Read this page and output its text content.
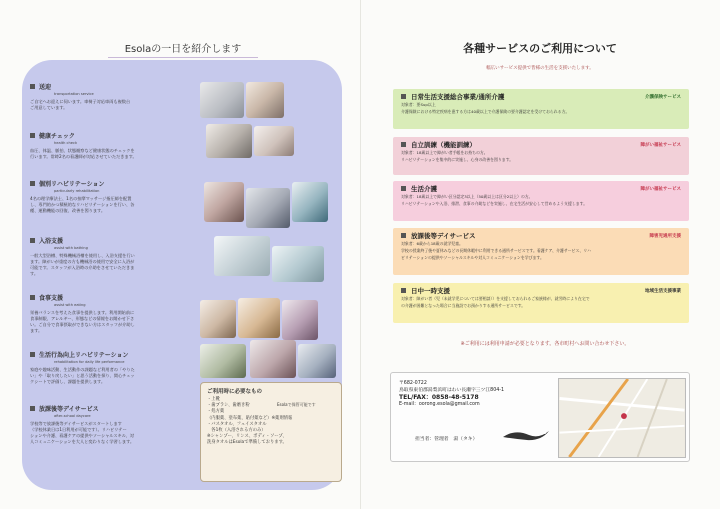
Esolaの一日を紹介します
送迎
transportation service
ご自宅へお迎えに伺います。車椅子対応車両も複数台
ご用意しています。
健康チェック
health check
血圧、体温、脈拍、状態観察など健康状態のチェックを
行います。常時2名の看護師が対応させていただきます。
個別リハビリテーション
particularly rehabilitation
4名の理学療法士、1名の按摩マッサージ指圧師を配置
し、専門的かつ積極的なリハビリテーションを行い、各
種、運動機能の回復、改善を図ります。
入浴支援
assist with bathing
一般大型浴槽、特殊機械浴槽を使用し、入浴支援を行い
ます。障がいが重度の方も機械浴の使用で安全に入浴が
可能です。スタッフが入浴時の介助をさせていただきま
す。
食事支援
assist with eating
栄養バランスを考えた食事を提供します。利用開始前に
食事制限、アレルギー、形態などの情報をお聞かせ下さ
い。ご自分で食事摂取ができない方はスタッフが介助し
ます。
生活行為向上リハビリテーション
rehabilitation for daily life performance
家庭や趣味活動、生活動作の課題など利用者の「やりた
い」や「取り戻したい」と思う活動を探り、関心チェッ
クシートで評価し、課題を提供します。
放課後等デイサービス
after-school daycare
学校等で放課後等デイサービスがスタートします
（学校休業日は1日利用が可能です）。リハビリテー
ションや介護、看護ケアの提供やソーシャルスキル、対
人コミュニケーションを大人と変わりなく学習します。
ご利用時に必要なもの
・上靴
・歯ブラシ、歯磨き粉
・処方薬
（内服薬、塗布薬、貼付薬など）※薬剤情報
・バスタオル、フェイスタオル
　各1枚（入浴される方のみ）
※シャンプー、リンス、ボディ・ソープ、
洗身タオルはEsolaで準備しております。
Esolaで保管可能です
各種サービスのご利用について
幅広いサービス提供で皆様の生活を支援いたします。
日常生活支援総合事業/通所介護	介護保険サービス
対象者：要Sup以上
介護保険における特定疾病を患する方は40歳以上で介護保険の要介護認定を受けておられる方。
自立訓練（機能訓練）	障がい福祉サービス
対象者：18歳以上で障がい者手帳をお持ちの方。
リハビリテーションを集中的に実施し、心身の改善を図ります。
生活介護	障がい福祉サービス
対象者：18歳以上で障がい区分認定3以上（50歳以上は区分2以上）の方。
リハビリテーションや入浴、排泄、食事の介助などを実施し、在宅生活が安心して営めるよう支援します。
放課後等デイサービス	障害児通所支援
対象者：6歳から18歳の就学児童。
学校の授業終了後や夏休みなどの長期休暇中に利用できる通所サービスです。看護ケア、介護サービス、リハ
ビリテーションの提供やソーシャルスキルや対人コミュニケーションを学びます。
日中一時支援	地域生活支援事業
対象者：障がい者（児（未就学児については要相談））を支援しておられるご家族様が、就労時により在宅で
の介護が困難となった場合に当施設でお預かりする通所サービスです。
※ご利用には利用申請が必要となります。各市町村へお問い合わせ下さい。
〒682-0722
鳥取県東伯郡湯梨浜町はわい長瀬字三ツ江804-1
TEL/FAX：0858-48-5178
E‐mail：oorong.esola@gmail.com
担当者：管理者　湯（タキ）
